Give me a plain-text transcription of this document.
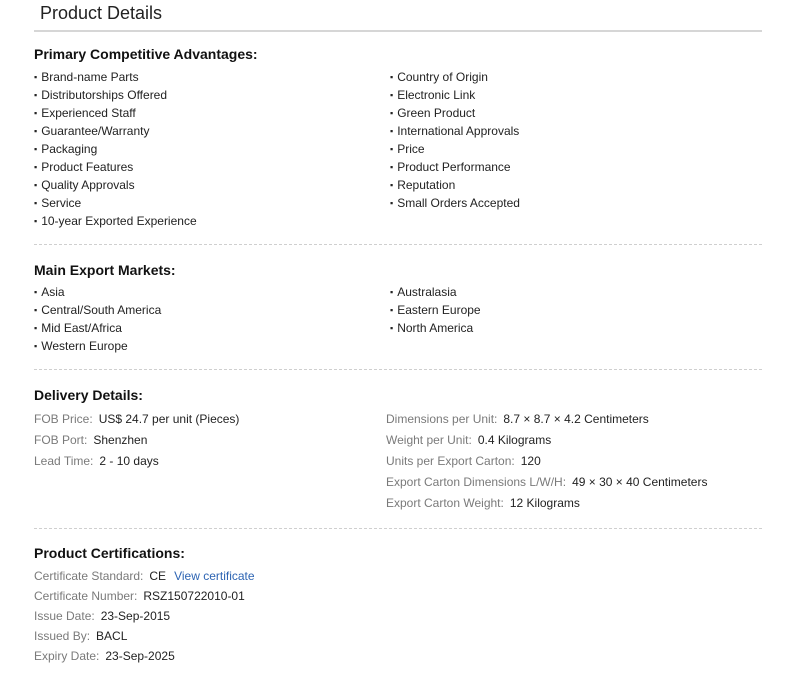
Product Details
Primary Competitive Advantages:
▪ Brand-name Parts
▪ Distributorships Offered
▪ Experienced Staff
▪ Guarantee/Warranty
▪ Packaging
▪ Product Features
▪ Quality Approvals
▪ Service
▪ 10-year Exported Experience
▪ Country of Origin
▪ Electronic Link
▪ Green Product
▪ International Approvals
▪ Price
▪ Product Performance
▪ Reputation
▪ Small Orders Accepted
Main Export Markets:
▪ Asia
▪ Central/South America
▪ Mid East/Africa
▪ Western Europe
▪ Australasia
▪ Eastern Europe
▪ North America
Delivery Details:
FOB Price: US$ 24.7 per unit (Pieces)
FOB Port: Shenzhen
Lead Time: 2 - 10 days
Dimensions per Unit: 8.7 × 8.7 × 4.2 Centimeters
Weight per Unit: 0.4 Kilograms
Units per Export Carton: 120
Export Carton Dimensions L/W/H: 49 × 30 × 40 Centimeters
Export Carton Weight: 12 Kilograms
Product Certifications:
Certificate Standard: CE View certificate
Certificate Number: RSZ150722010-01
Issue Date: 23-Sep-2015
Issued By: BACL
Expiry Date: 23-Sep-2025
